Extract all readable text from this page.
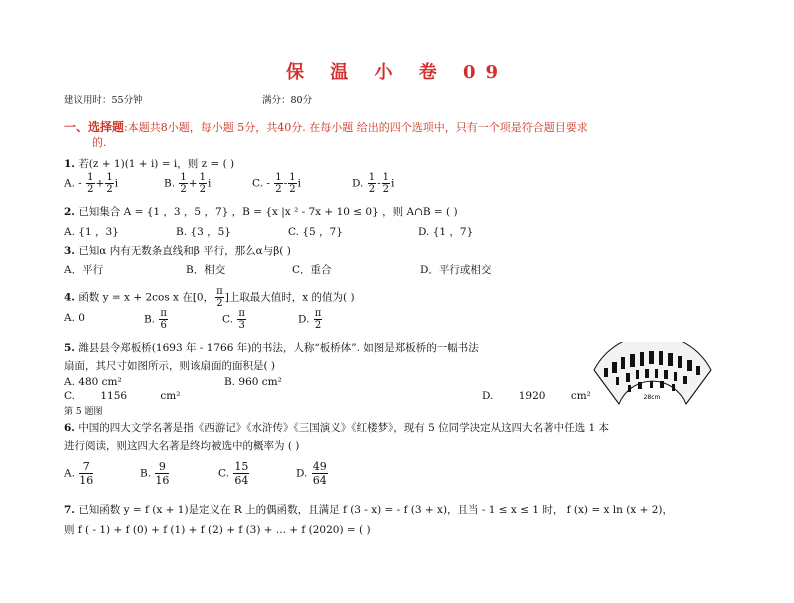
保 温 小 卷 09
建议用时：55分钟	满分：80分
一、选择题:本题共8小题，每小题 5分，共40分. 在每小题 给出的四个选项中，只有一个项是符合题目要求
的.
1. 若(z + 1)(1 + i) = i，则 z = ( )
A. - $\frac{1}{2} + \frac{1}{2}$ i	B. $\frac{1}{2} + \frac{1}{2}$ i	C. - $\frac{1}{2} - \frac{1}{2}$ i	D. $\frac{1}{2} - \frac{1}{2}$ i
2. 已知集合 A = {1 ，3 ，5 ，7} ，B = {x |x ² - 7x + 10 ≤ 0} ，则 A∩B = ( )
A. {1 ，3}	B. {3 ，5}	C. {5 ，7}	D. {1 ，7}
3. 已知α 内有无数条直线和β 平行，那么α与β( )
A．平行	B．相交	C．重合	D．平行或相交
4. 函数 y = x + 2cos x 在[0， $\frac{\pi}{2}$ ]上取最大值时，x 的值为( )
A. 0	B. $\frac{\pi}{6}$	C. $\frac{\pi}{3}$	D. $\frac{\pi}{2}$
5. 潍县县令郑板桥(1693 年 - 1766 年)的书法，人称“板桥体”. 如图是郑板桥的一幅书法
扇面，其尺寸如图所示，则该扇面的面积是( )
A. 480 cm²	B. 960 cm²
C. 1156	cm²	D. 1920 cm²
第 5 题图
28cm
6. 中国的四大文学名著是指《西游记》《水浒传》《三国演义》《红楼梦》，现有 5 位同学决定从这四大名著中任选 1 本
进行阅读，则这四大名著是终均被选中的概率为 ( )
A. $\frac{7}{16}$	B. $\frac{9}{16}$	C. $\frac{15}{64}$	D. $\frac{49}{64}$
7. 已知函数 y = f (x + 1)是定义在 R 上的偶函数，且满足 f (3 - x) = - f (3 + x)，且当 - 1 ≤ x ≤ 1 时， f (x) = x ln (x + 2)，
则 f ( - 1) + f (0) + f (1) + f (2) + f (3) + ... + f (2020) = ( )
